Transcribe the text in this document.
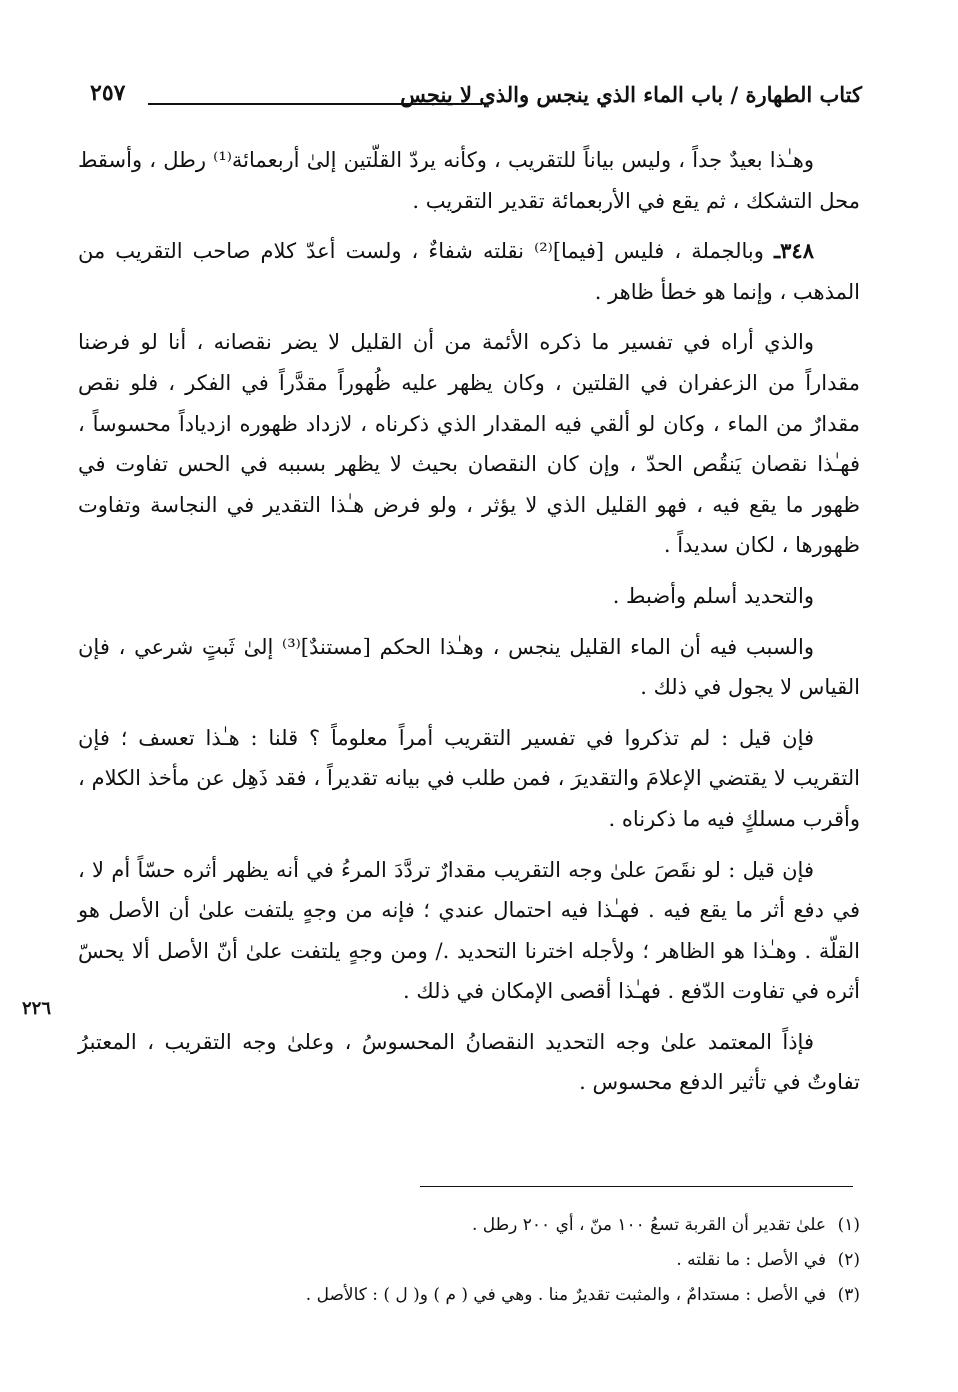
كتاب الطهارة / باب الماء الذي ينجس والذي لا ينجس
٢٥٧

وهـٰذا بعيدٌ جداً ، وليس بياناً للتقريب ، وكأنه يردّ القلّتين إلىٰ أربعمائة⁽¹⁾ رطل ، وأسقط محل التشكك ، ثم يقع في الأربعمائة تقدير التقريب .

٣٤٨ـ وبالجملة ، فليس [فيما]⁽²⁾ نقلته شفاءٌ ، ولست أعدّ كلام صاحب التقريب من المذهب ، وإنما هو خطأ ظاهر .

والذي أراه في تفسير ما ذكره الأئمة من أن القليل لا يضر نقصانه ، أنا لو فرضنا مقداراً من الزعفران في القلتين ، وكان يظهر عليه ظُهوراً مقدَّراً في الفكر ، فلو نقص مقدارٌ من الماء ، وكان لو ألقي فيه المقدار الذي ذكرناه ، لازداد ظهوره ازدياداً محسوساً ، فهـٰذا نقصان يَنقُص الحدّ ، وإن كان النقصان بحيث لا يظهر بسببه في الحس تفاوت في ظهور ما يقع فيه ، فهو القليل الذي لا يؤثر ، ولو فرض هـٰذا التقدير في النجاسة وتفاوت ظهورها ، لكان سديداً .

والتحديد أسلم وأضبط .

والسبب فيه أن الماء القليل ينجس ، وهـٰذا الحكم [مستندٌ]⁽³⁾ إلىٰ ثَبتٍ شرعي ، فإن القياس لا يجول في ذلك .

فإن قيل : لم تذكروا في تفسير التقريب أمراً معلوماً ؟ قلنا : هـٰذا تعسف ؛ فإن التقريب لا يقتضي الإعلامَ والتقديرَ ، فمن طلب في بيانه تقديراً ، فقد ذَهِل عن مأخذ الكلام ، وأقرب مسلكٍ فيه ما ذكرناه .

فإن قيل : لو نقَصَ علىٰ وجه التقريب مقدارٌ تردَّدَ المرءُ في أنه يظهر أثره حسّاً أم لا ، في دفع أثر ما يقع فيه . فهـٰذا فيه احتمال عندي ؛ فإنه من وجهٍ يلتفت علىٰ أن الأصل هو القلّة . وهـٰذا هو الظاهر ؛ ولأجله اخترنا التحديد ./ ومن وجهٍ يلتفت علىٰ أنّ الأصل ألا يحسّ أثره في تفاوت الدّفع . فهـٰذا أقصى الإمكان في ذلك .

فإذاً المعتمد علىٰ وجه التحديد النقصانُ المحسوسُ ، وعلىٰ وجه التقريب ، المعتبرُ تفاوتٌ في تأثير الدفع محسوس .

٢٢٦
(١)علىٰ تقدير أن القربة تسعُ ١٠٠ منّ ، أي ٢٠٠ رطل .
(٢)في الأصل : ما نقلته .
(٣)في الأصل : مستدامٌ ، والمثبت تقديرٌ منا . وهي في ( م ) و( ل ) : كالأصل .
